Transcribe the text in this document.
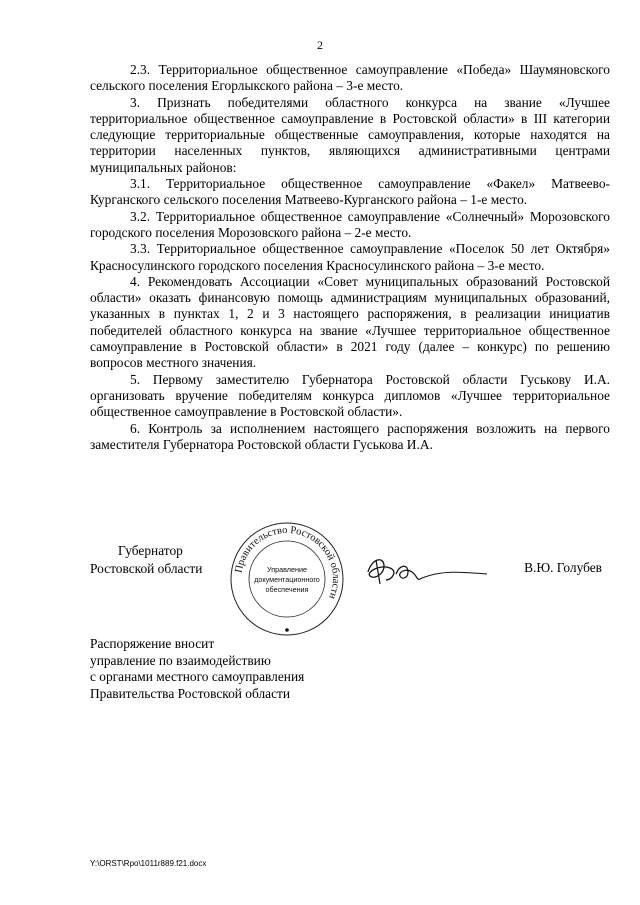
2

2.3. Территориальное общественное самоуправление «Победа» Шаумяновского сельского поселения Егорлыкского района – 3-е место.

3. Признать победителями областного конкурса на звание «Лучшее территориальное общественное самоуправление в Ростовской области» в III категории следующие территориальные общественные самоуправления, которые находятся на территории населенных пунктов, являющихся административными центрами муниципальных районов:

3.1. Территориальное общественное самоуправление «Факел» Матвеево-Курганского сельского поселения Матвеево-Курганского района – 1-е место.

3.2. Территориальное общественное самоуправление «Солнечный» Морозовского городского поселения Морозовского района – 2-е место.

3.3. Территориальное общественное самоуправление «Поселок 50 лет Октября» Красносулинского городского поселения Красносулинского района – 3-е место.

4. Рекомендовать Ассоциации «Совет муниципальных образований Ростовской области» оказать финансовую помощь администрациям муниципальных образований, указанных в пунктах 1, 2 и 3 настоящего распоряжения, в реализации инициатив победителей областного конкурса на звание «Лучшее территориальное общественное самоуправление в Ростовской области» в 2021 году (далее – конкурс) по решению вопросов местного значения.

5. Первому заместителю Губернатора Ростовской области Гуськову И.А. организовать вручение победителям конкурса дипломов «Лучшее территориальное общественное самоуправление в Ростовской области».

6. Контроль за исполнением настоящего распоряжения возложить на первого заместителя Губернатора Ростовской области Гуськова И.А.

Губернатор
Ростовской области	Правительство Ростовской области
Управление
документационного
обеспечения
В.Ю. Голубев
Распоряжение вносит
управление по взаимодействию
с органами местного самоуправления
Правительства Ростовской области
Y:\ORST\Rpo\1011r889.f21.docx
